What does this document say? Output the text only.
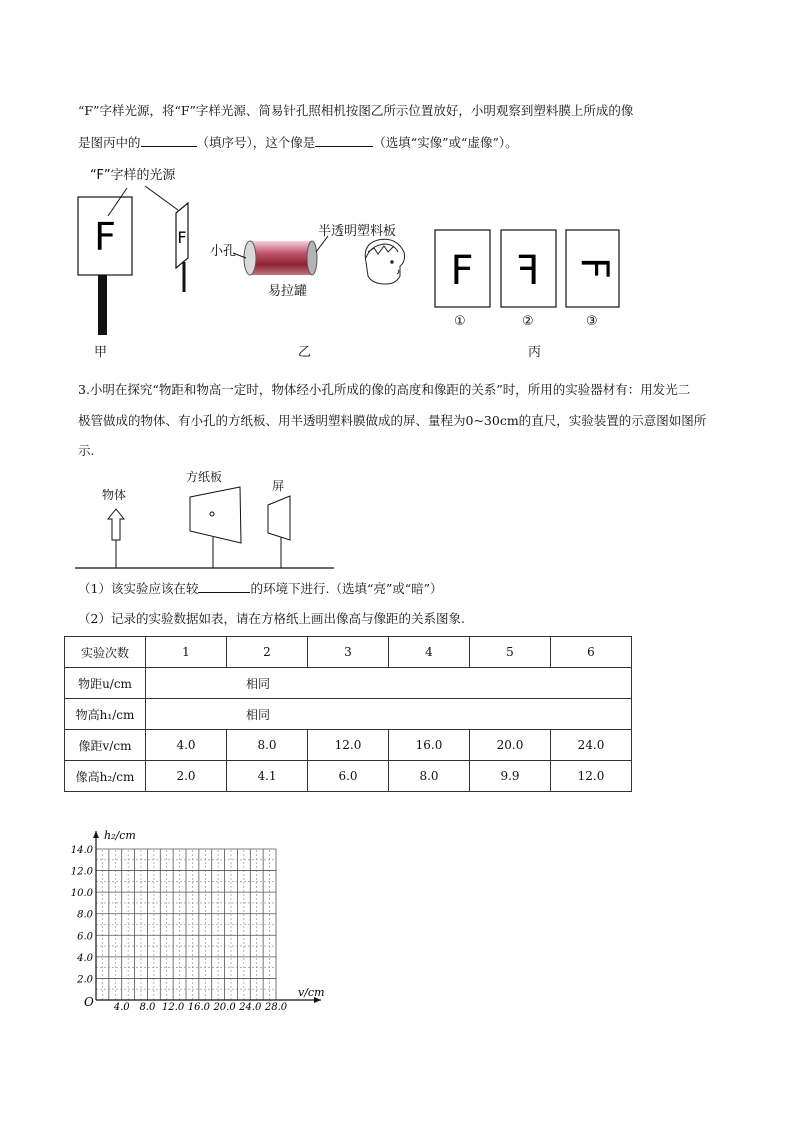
“F”字样光源，将“F”字样光源、简易针孔照相机按图乙所示位置放好，小明观察到塑料膜上所成的像
是图丙中的	（填序号），这个像是	（选填“实像”或“虚像”）。
F	F
F F F
“F”字样的光源
小孔
半透明塑料板
易拉罐
甲	乙	丙
①	②	③
3.小明在探究“物距和物高一定时，物体经小孔所成的像的高度和像距的关系”时，所用的实验器材有：用发光二
极管做成的物体、有小孔的方纸板、用半透明塑料膜做成的屏、量程为0~30cm的直尺，实验装置的示意图如图所
示.
物体
方纸板
屏
（1）该实验应该在较	的环境下进行.（选填“亮”或“暗”）
（2）记录的实验数据如表，请在方格纸上画出像高与像距的关系图象.
实验次数	1	2	3	4	5	6
物距u/cm	相同					
物高h₁/cm	相同					
像距v/cm	4.0	8.0	12.0	16.0	20.0	24.0
像高h₂/cm	2.0	4.1	6.0	8.0	9.9	12.0
4.0 8.0 12.0 16.0 20.0 24.0 28.0
2.0
4.0
6.0
8.0
10.0
12.0
14.0
O
v/cm
h₂/cm
